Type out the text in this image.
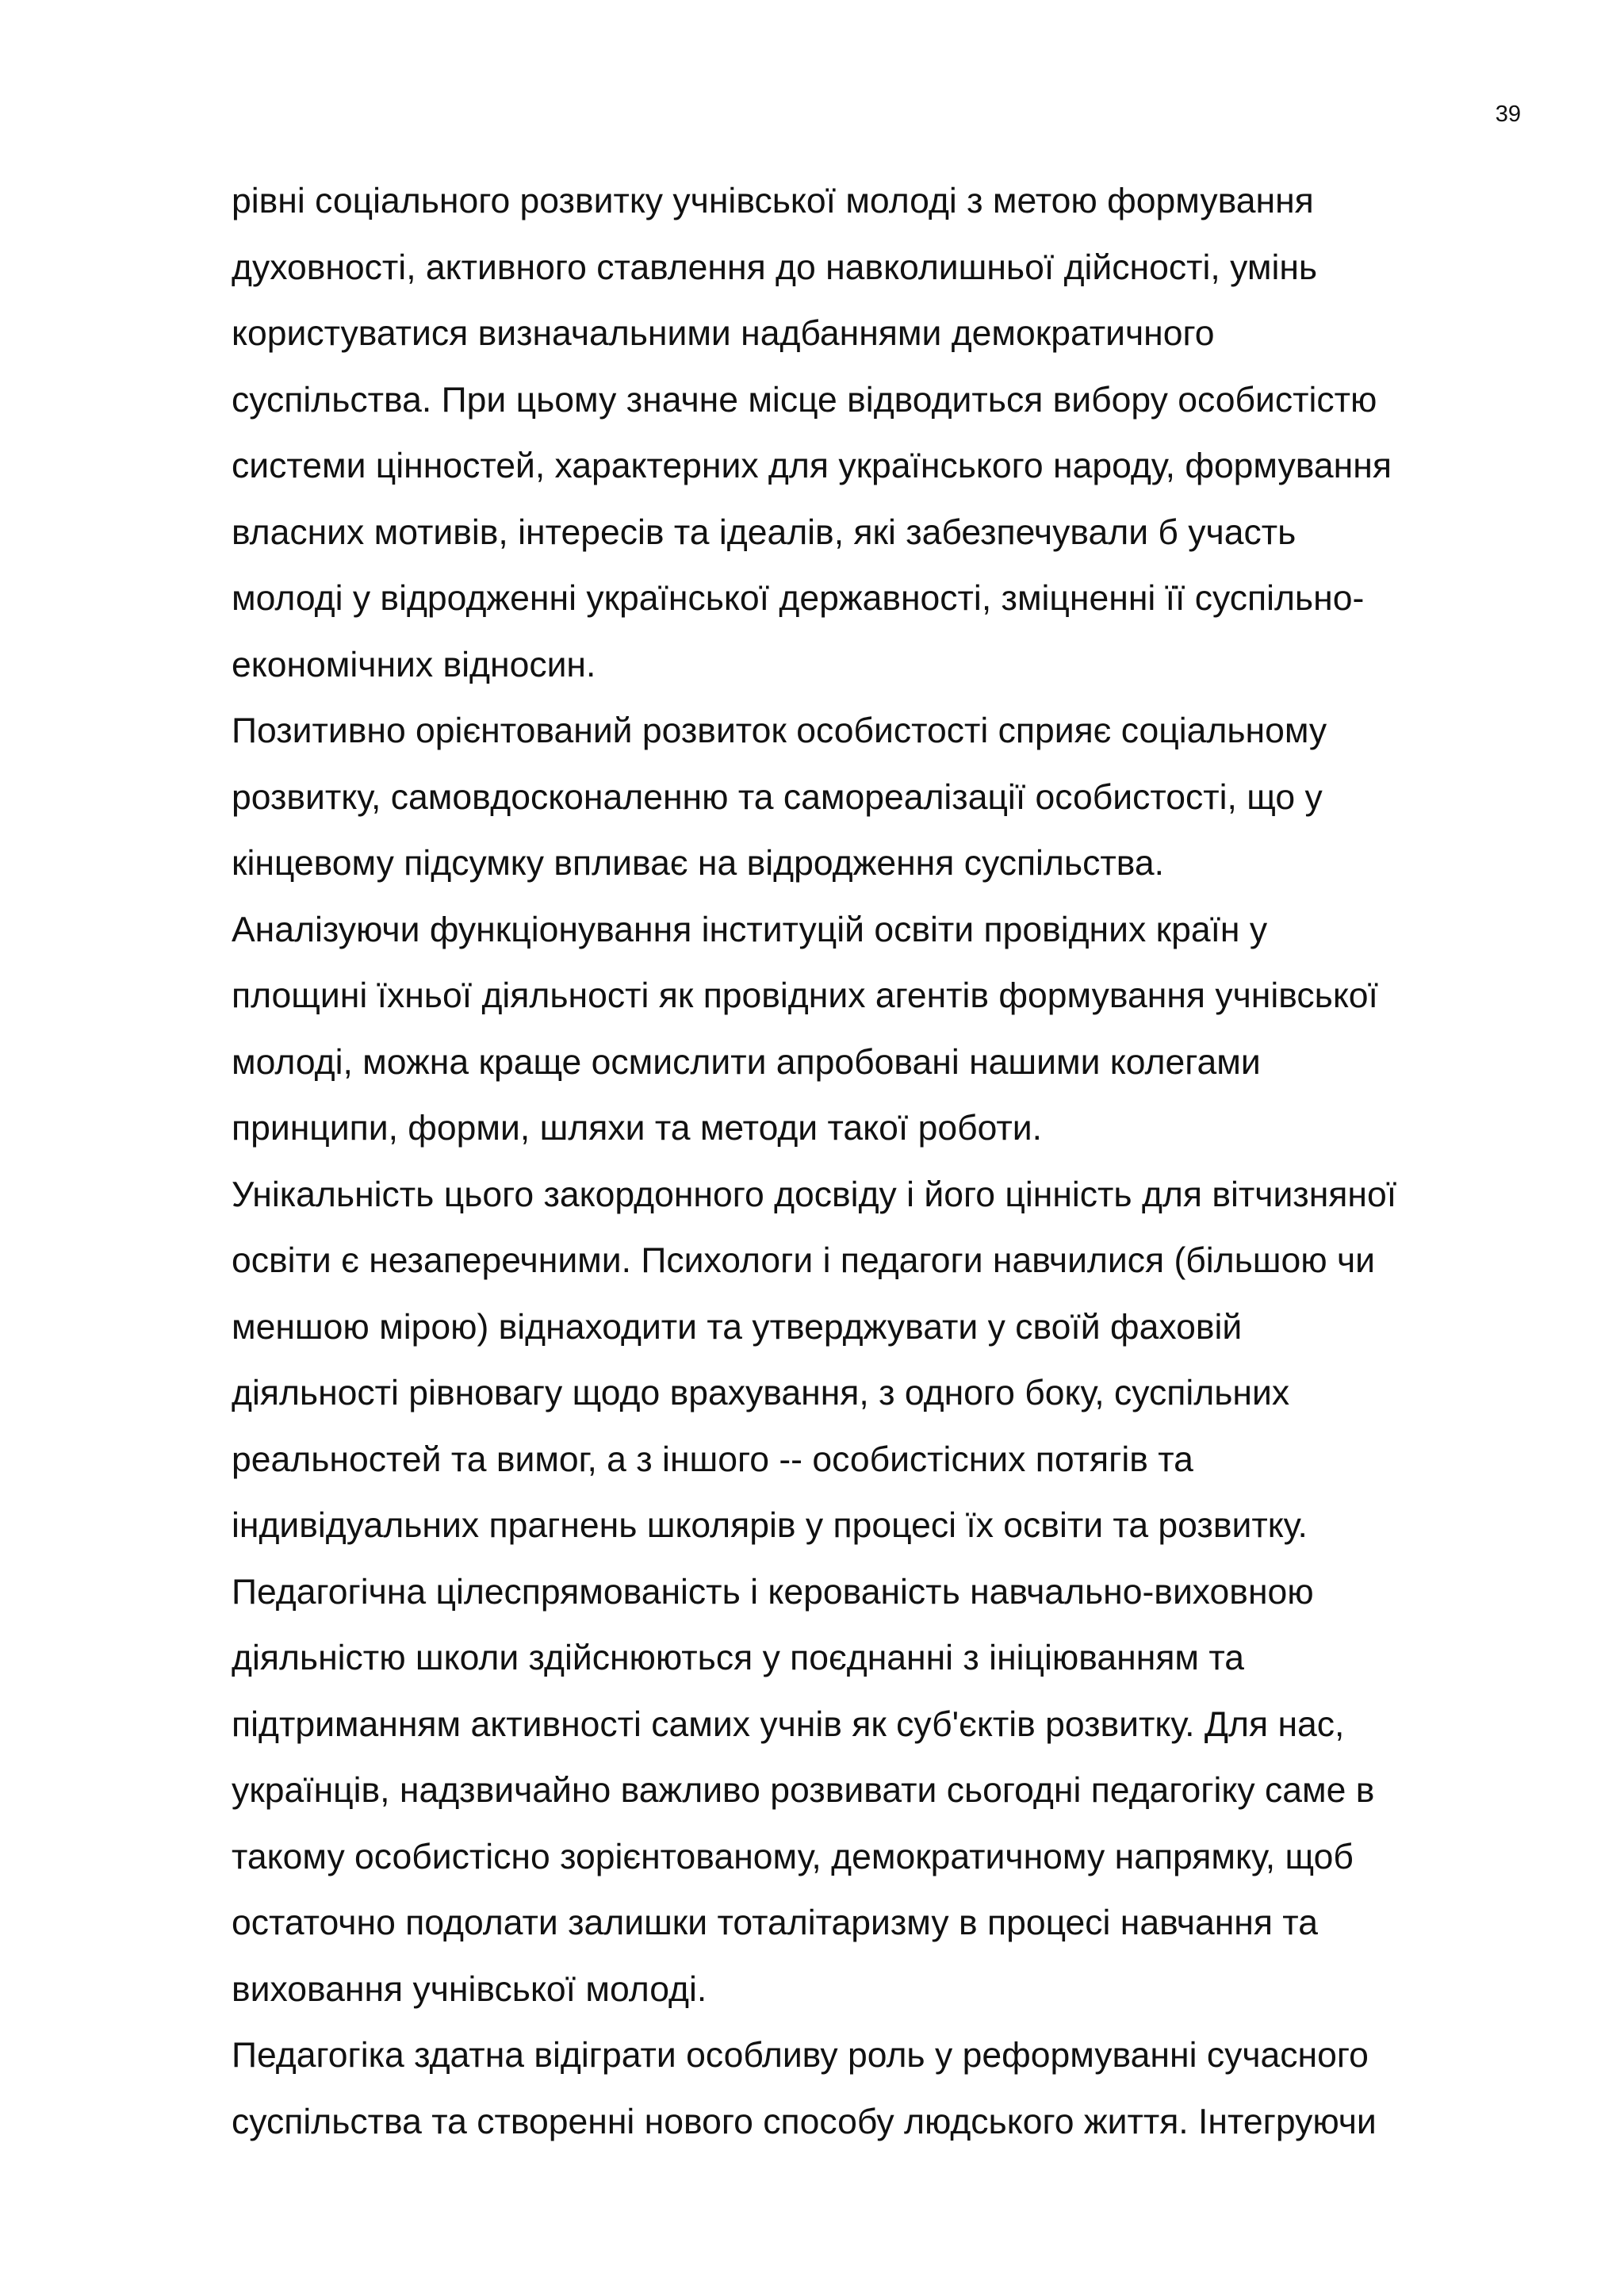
39
рівні соціального розвитку учнівської молоді з метою формування
духовності, активного ставлення до навколишньої дійсності, умінь
користуватися визначальними надбаннями демократичного
суспільства. При цьому значне місце відводиться вибору особистістю
системи цінностей, характерних для українського народу, формування
власних мотивів, інтересів та ідеалів, які забезпечували б участь
молоді у відродженні української державності, зміцненні її суспільно-
економічних відносин.
Позитивно орієнтований розвиток особистості сприяє соціальному
розвитку, самовдосконаленню та самореалізації особистості, що у
кінцевому підсумку впливає на відродження суспільства.
Аналізуючи функціонування інституцій освіти провідних країн у
площині їхньої діяльності як провідних агентів формування учнівської
молоді, можна краще осмислити апробовані нашими колегами
принципи, форми, шляхи та методи такої роботи.
Унікальність цього закордонного досвіду і його цінність для вітчизняної
освіти є незаперечними. Психологи і педагоги навчилися (більшою чи
меншою мірою) віднаходити та утверджувати у своїй фаховій
діяльності рівновагу щодо врахування, з одного боку, суспільних
реальностей та вимог, а з іншого -- особистісних потягів та
індивідуальних прагнень школярів у процесі їх освіти та розвитку.
Педагогічна цілеспрямованість і керованість навчально-виховною
діяльністю школи здійснюються у поєднанні з ініціюванням та
підтриманням активності самих учнів як суб'єктів розвитку. Для нас,
українців, надзвичайно важливо розвивати сьогодні педагогіку саме в
такому особистісно зорієнтованому, демократичному напрямку, щоб
остаточно подолати залишки тоталітаризму в процесі навчання та
виховання учнівської молоді.
Педагогіка здатна відіграти особливу роль у реформуванні сучасного
суспільства та створенні нового способу людського життя. Інтегруючи
